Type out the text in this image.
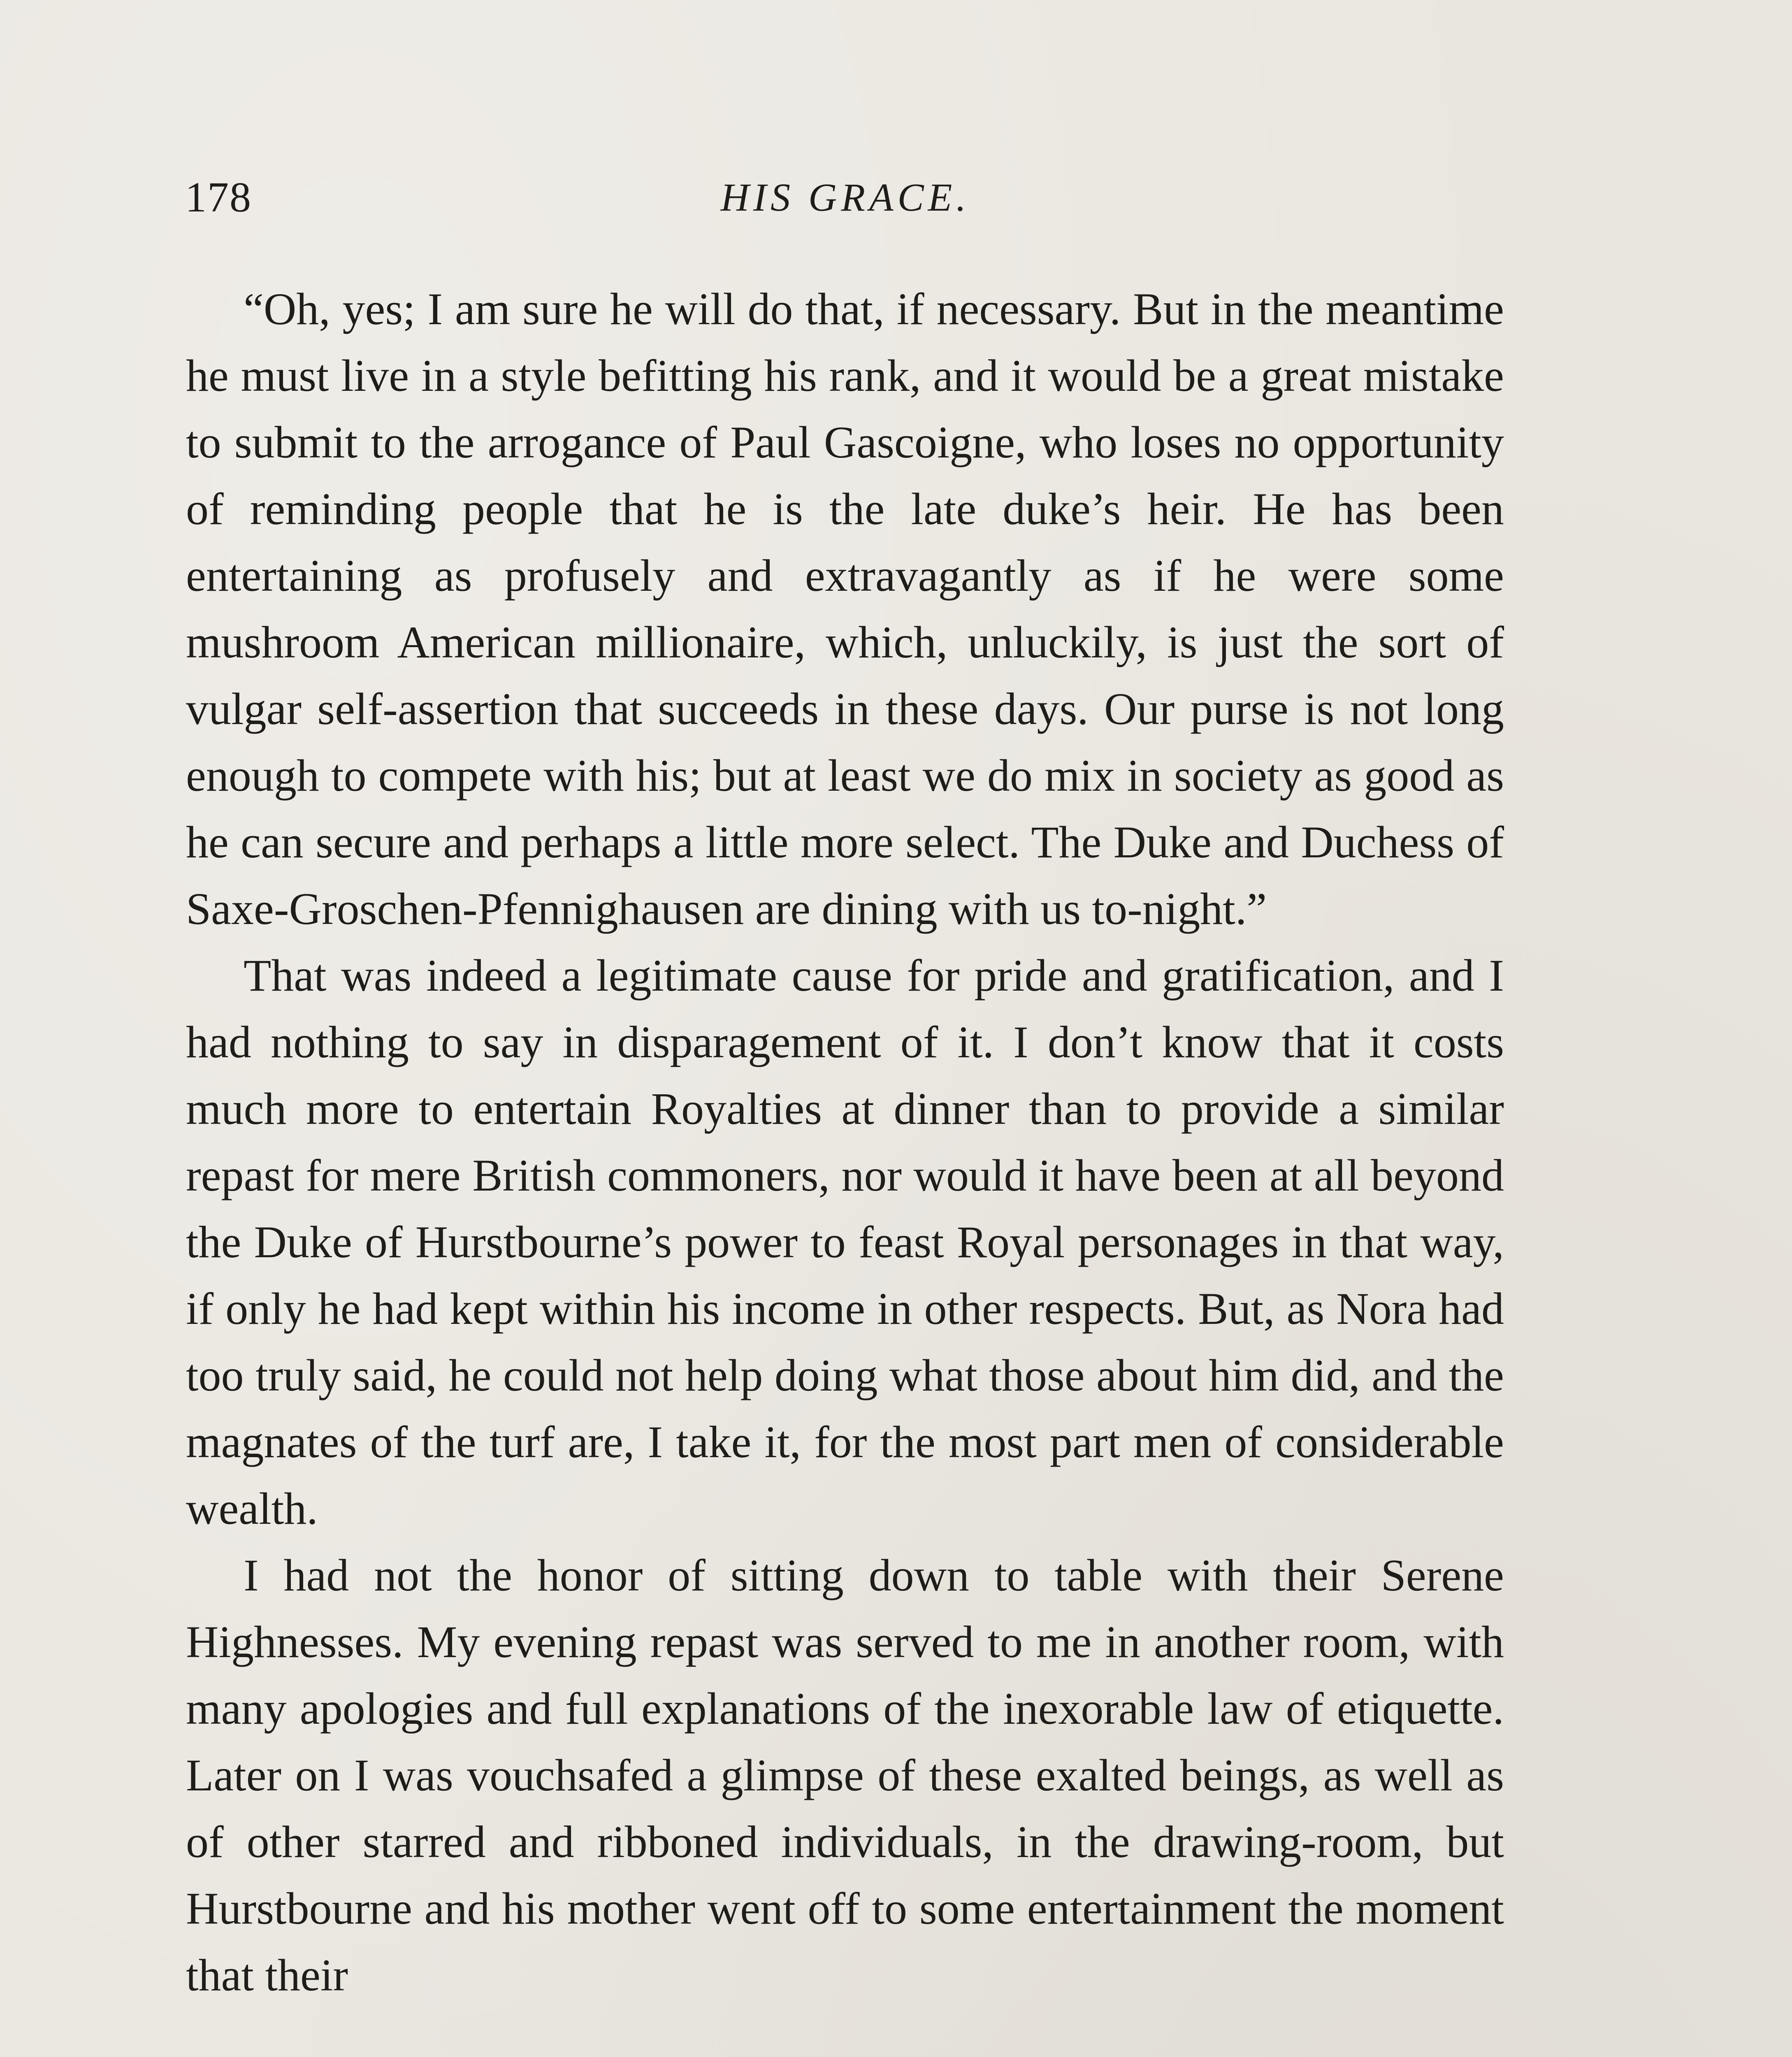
178	HIS GRACE.

“Oh, yes; I am sure he will do that, if necessary. But in the meantime he must live in a style befitting his rank, and it would be a great mistake to submit to the arrogance of Paul Gascoigne, who loses no opportunity of reminding people that he is the late duke’s heir. He has been entertaining as profusely and extravagantly as if he were some mushroom American millionaire, which, unluckily, is just the sort of vulgar self-assertion that succeeds in these days. Our purse is not long enough to compete with his; but at least we do mix in society as good as he can secure and perhaps a little more select. The Duke and Duchess of Saxe-Groschen-Pfennighausen are dining with us to-night.”

That was indeed a legitimate cause for pride and gratification, and I had nothing to say in disparagement of it. I don’t know that it costs much more to entertain Royalties at dinner than to provide a similar repast for mere British commoners, nor would it have been at all beyond the Duke of Hurstbourne’s power to feast Royal personages in that way, if only he had kept within his income in other respects. But, as Nora had too truly said, he could not help doing what those about him did, and the magnates of the turf are, I take it, for the most part men of considerable wealth.

I had not the honor of sitting down to table with their Serene Highnesses. My evening repast was served to me in another room, with many apologies and full explanations of the inexorable law of etiquette. Later on I was vouchsafed a glimpse of these exalted beings, as well as of other starred and ribboned individuals, in the drawing-room, but Hurstbourne and his mother went off to some entertainment the moment that their
